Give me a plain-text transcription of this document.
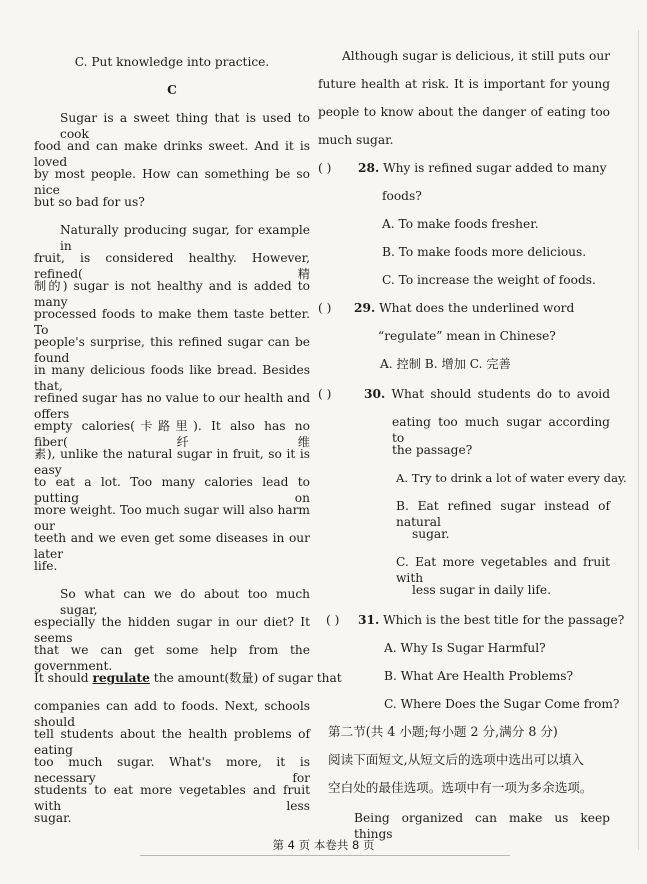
C. Put knowledge into practice.
C
Sugar is a sweet thing that is used to cook
food and can make drinks sweet. And it is loved
by most people. How can something be so nice
but so bad for us?
Naturally producing sugar, for example in
fruit, is considered healthy. However, refined(精
制的) sugar is not healthy and is added to many
processed foods to make them taste better. To
people's surprise, this refined sugar can be found
in many delicious foods like bread. Besides that,
refined sugar has no value to our health and offers
empty calories(卡路里). It also has no fiber(纤维
素), unlike the natural sugar in fruit, so it is easy
to eat a lot. Too many calories lead to putting on
more weight. Too much sugar will also harm our
teeth and we even get some diseases in our later
life.
So what can we do about too much sugar,
especially the hidden sugar in our diet? It seems
that we can get some help from the government.
It should regulate the amount(数量) of sugar that
companies can add to foods. Next, schools should
tell students about the health problems of eating
too much sugar. What's more, it is necessary for
students to eat more vegetables and fruit with less
sugar.
Although sugar is delicious, it still puts our
future health at risk. It is important for young
people to know about the danger of eating too
much sugar.
( ) 28. Why is refined sugar added to many
foods?
A. To make foods fresher.
B. To make foods more delicious.
C. To increase the weight of foods.
( ) 29. What does the underlined word
“regulate” mean in Chinese?
A. 控制 B. 增加 C. 完善
( )	30. What should students do to avoid
eating too much sugar according to
the passage?
A. Try to drink a lot of water every day.
B. Eat refined sugar instead of natural
sugar.
C. Eat more vegetables and fruit with
less sugar in daily life.
( ) 31. Which is the best title for the passage?
A. Why Is Sugar Harmful?
B. What Are Health Problems?
C. Where Does the Sugar Come from?
第二节(共 4 小题;每小题 2 分,满分 8 分)
阅读下面短文,从短文后的选项中选出可以填入
空白处的最佳选项。选项中有一项为多余选项。
Being organized can make us keep things
第 4 页 本卷共 8 页
